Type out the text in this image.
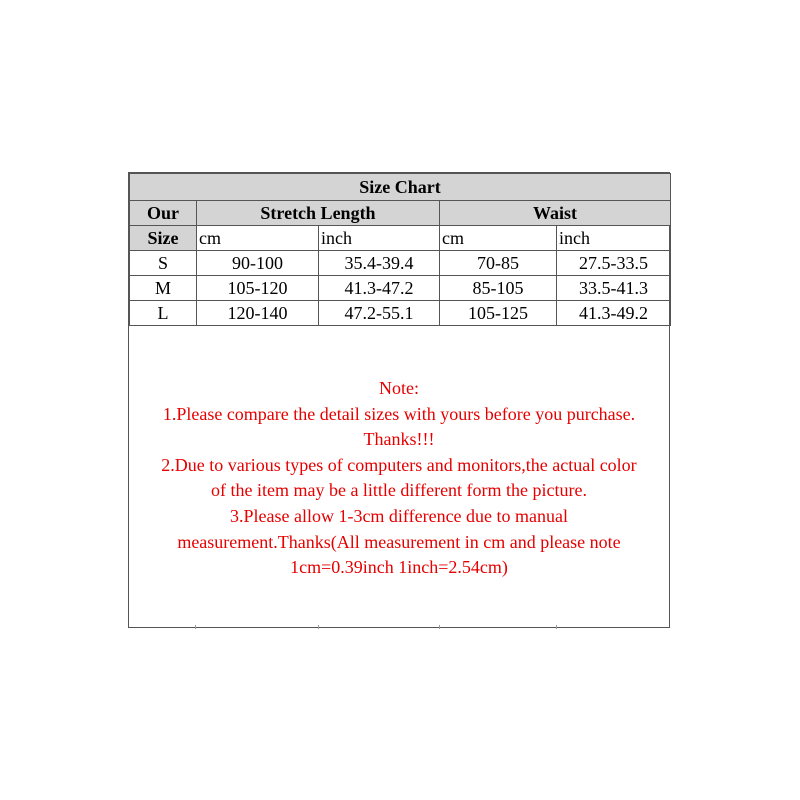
Size Chart				
Our	Stretch Length		Waist	
Size	cm	inch	cm	inch
S	90-100	35.4-39.4	70-85	27.5-33.5
M	105-120	41.3-47.2	85-105	33.5-41.3
L	120-140	47.2-55.1	105-125	41.3-49.2
Note:
1.Please compare the detail sizes with yours before you purchase.
Thanks!!!
2.Due to various types of computers and monitors,the actual color
of the item may be a little different form the picture.
3.Please allow 1-3cm difference due to manual
measurement.Thanks(All measurement in cm and please note
1cm=0.39inch 1inch=2.54cm)
